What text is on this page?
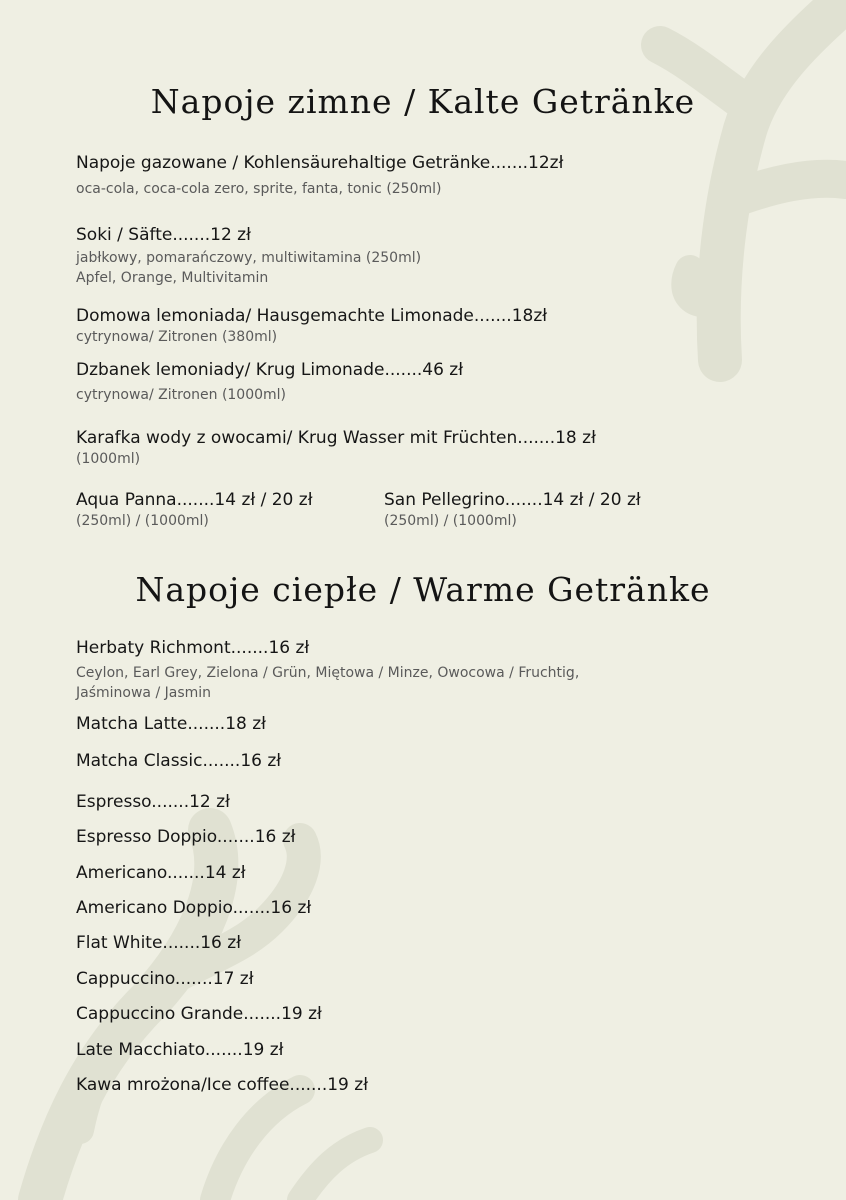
Napoje zimne / Kalte Getränke
Napoje gazowane / Kohlensäurehaltige Getränke.......12zł
oca-cola, coca-cola zero, sprite, fanta, tonic (250ml)
Soki / Säfte.......12 zł
jabłkowy, pomarańczowy, multiwitamina (250ml)
Apfel, Orange, Multivitamin
Domowa lemoniada/ Hausgemachte Limonade.......18zł
cytrynowa/ Zitronen (380ml)
Dzbanek lemoniady/ Krug Limonade.......46 zł
cytrynowa/ Zitronen (1000ml)
Karafka wody z owocami/ Krug Wasser mit Früchten.......18 zł
(1000ml)
Aqua Panna.......14 zł / 20 zł
(250ml) / (1000ml)
San Pellegrino.......14 zł / 20 zł
(250ml) / (1000ml)
Napoje ciepłe / Warme Getränke
Herbaty Richmont.......16 zł
Ceylon, Earl Grey, Zielona / Grün, Miętowa / Minze, Owocowa / Fruchtig,
Jaśminowa / Jasmin
Matcha Latte.......18 zł
Matcha Classic.......16 zł
Espresso.......12 zł
Espresso Doppio.......16 zł
Americano.......14 zł
Americano Doppio.......16 zł
Flat White.......16 zł
Cappuccino.......17 zł
Cappuccino Grande.......19 zł
Late Macchiato.......19 zł
Kawa mrożona/Ice coffee.......19 zł
